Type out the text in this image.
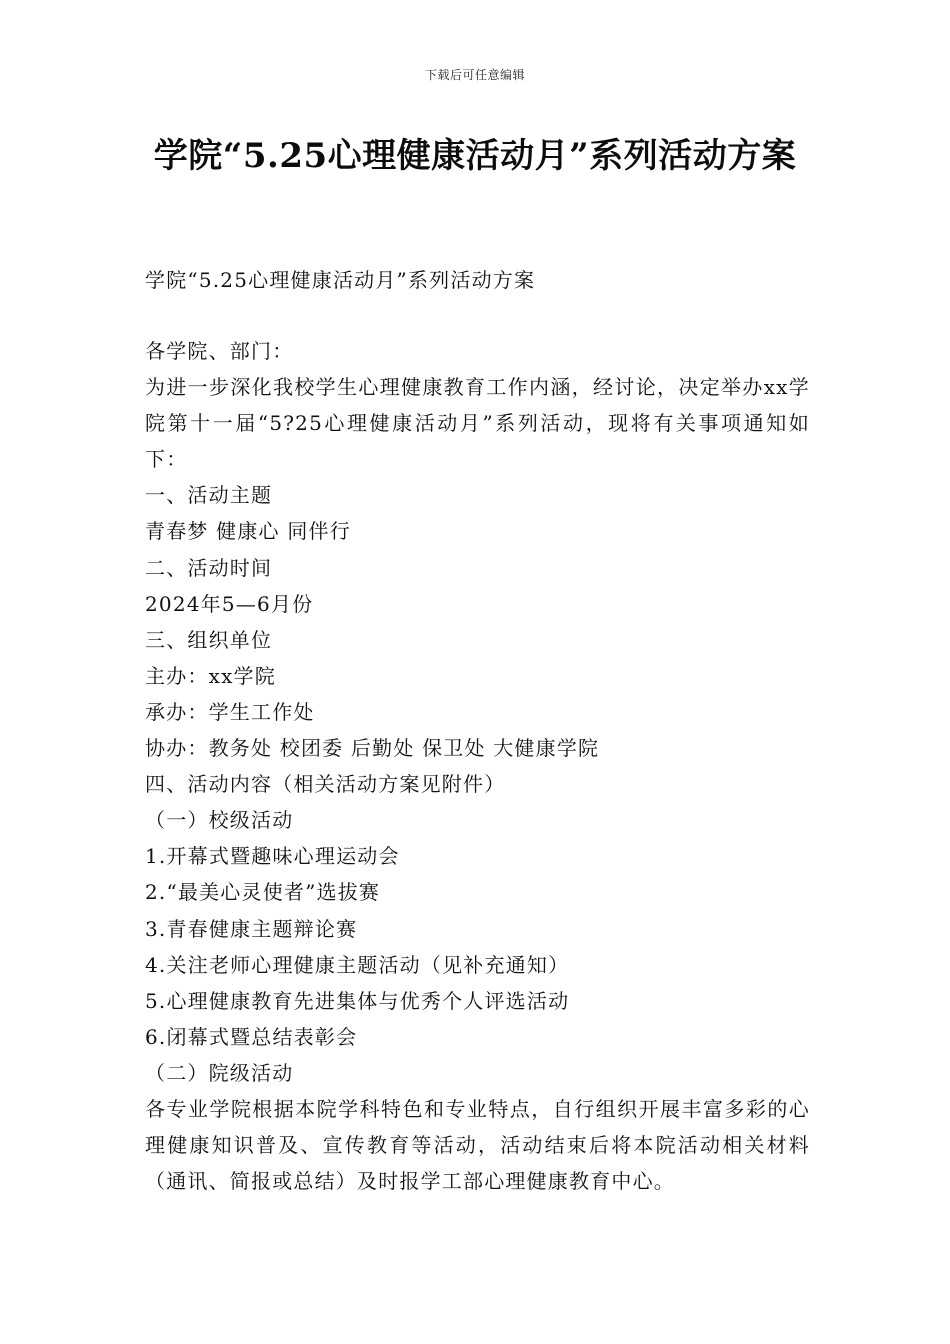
下载后可任意编辑
学院“5.25心理健康活动月”系列活动方案
学院“5.25心理健康活动月”系列活动方案

各学院、部门：

为进一步深化我校学生心理健康教育工作内涵，经讨论，决定举办xx学院第十一届“5?25心理健康活动月”系列活动，现将有关事项通知如下：

一、活动主题

青春梦 健康心 同伴行

二、活动时间

2024年5—6月份

三、组织单位

主办：xx学院

承办：学生工作处

协办：教务处 校团委 后勤处 保卫处 大健康学院

四、活动内容（相关活动方案见附件）

（一）校级活动

1.开幕式暨趣味心理运动会

2.“最美心灵使者”选拔赛

3.青春健康主题辩论赛

4.关注老师心理健康主题活动（见补充通知）

5.心理健康教育先进集体与优秀个人评选活动

6.闭幕式暨总结表彰会

（二）院级活动

各专业学院根据本院学科特色和专业特点，自行组织开展丰富多彩的心理健康知识普及、宣传教育等活动，活动结束后将本院活动相关材料（通讯、简报或总结）及时报学工部心理健康教育中心。
